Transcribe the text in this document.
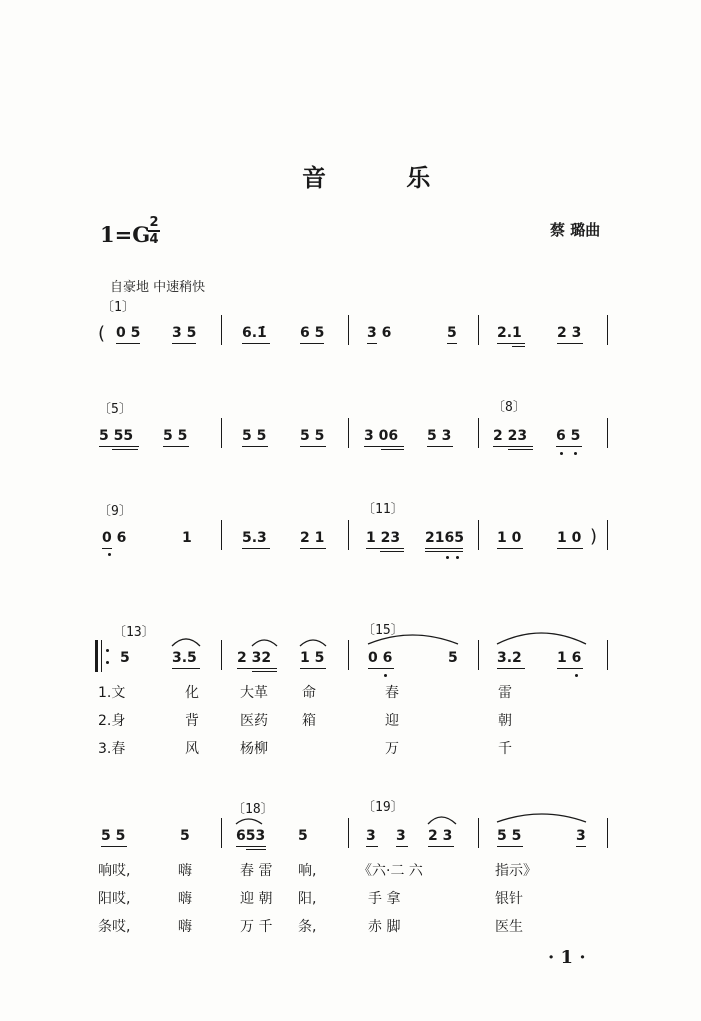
音 乐
1=G 2
4
蔡 璐曲
自豪地 中速稍快
〔1〕
( 0 5 3 5	6.1̇ 6 5	3 6	5	2.1	2 3
〔5〕	〔8〕
5 55 5 5	5 5 5 5	3 06 5 3	2 23 6 5
〔9〕	〔11〕
0 6	1	5.3 2 1	1 23 2165 1 0	1 0 )
〔13〕	〔15〕
5	3.5	2 32 1 5	0 6	5	3.2	1 6
1.文	化	大革 命	春	雷
2.身	背	医药 箱	迎	朝
3.春	风	杨柳	万	千
〔18〕	〔19〕
5 5	5	653 5	3 3 2 3	5 5	3
响哎,	嗨	春 雷 响,	《六·二 六	指示》
阳哎,	嗨	迎 朝 阳,	手 拿	银针
条哎,	嗨	万 千 条,	赤 脚	医生
· 1 ·
